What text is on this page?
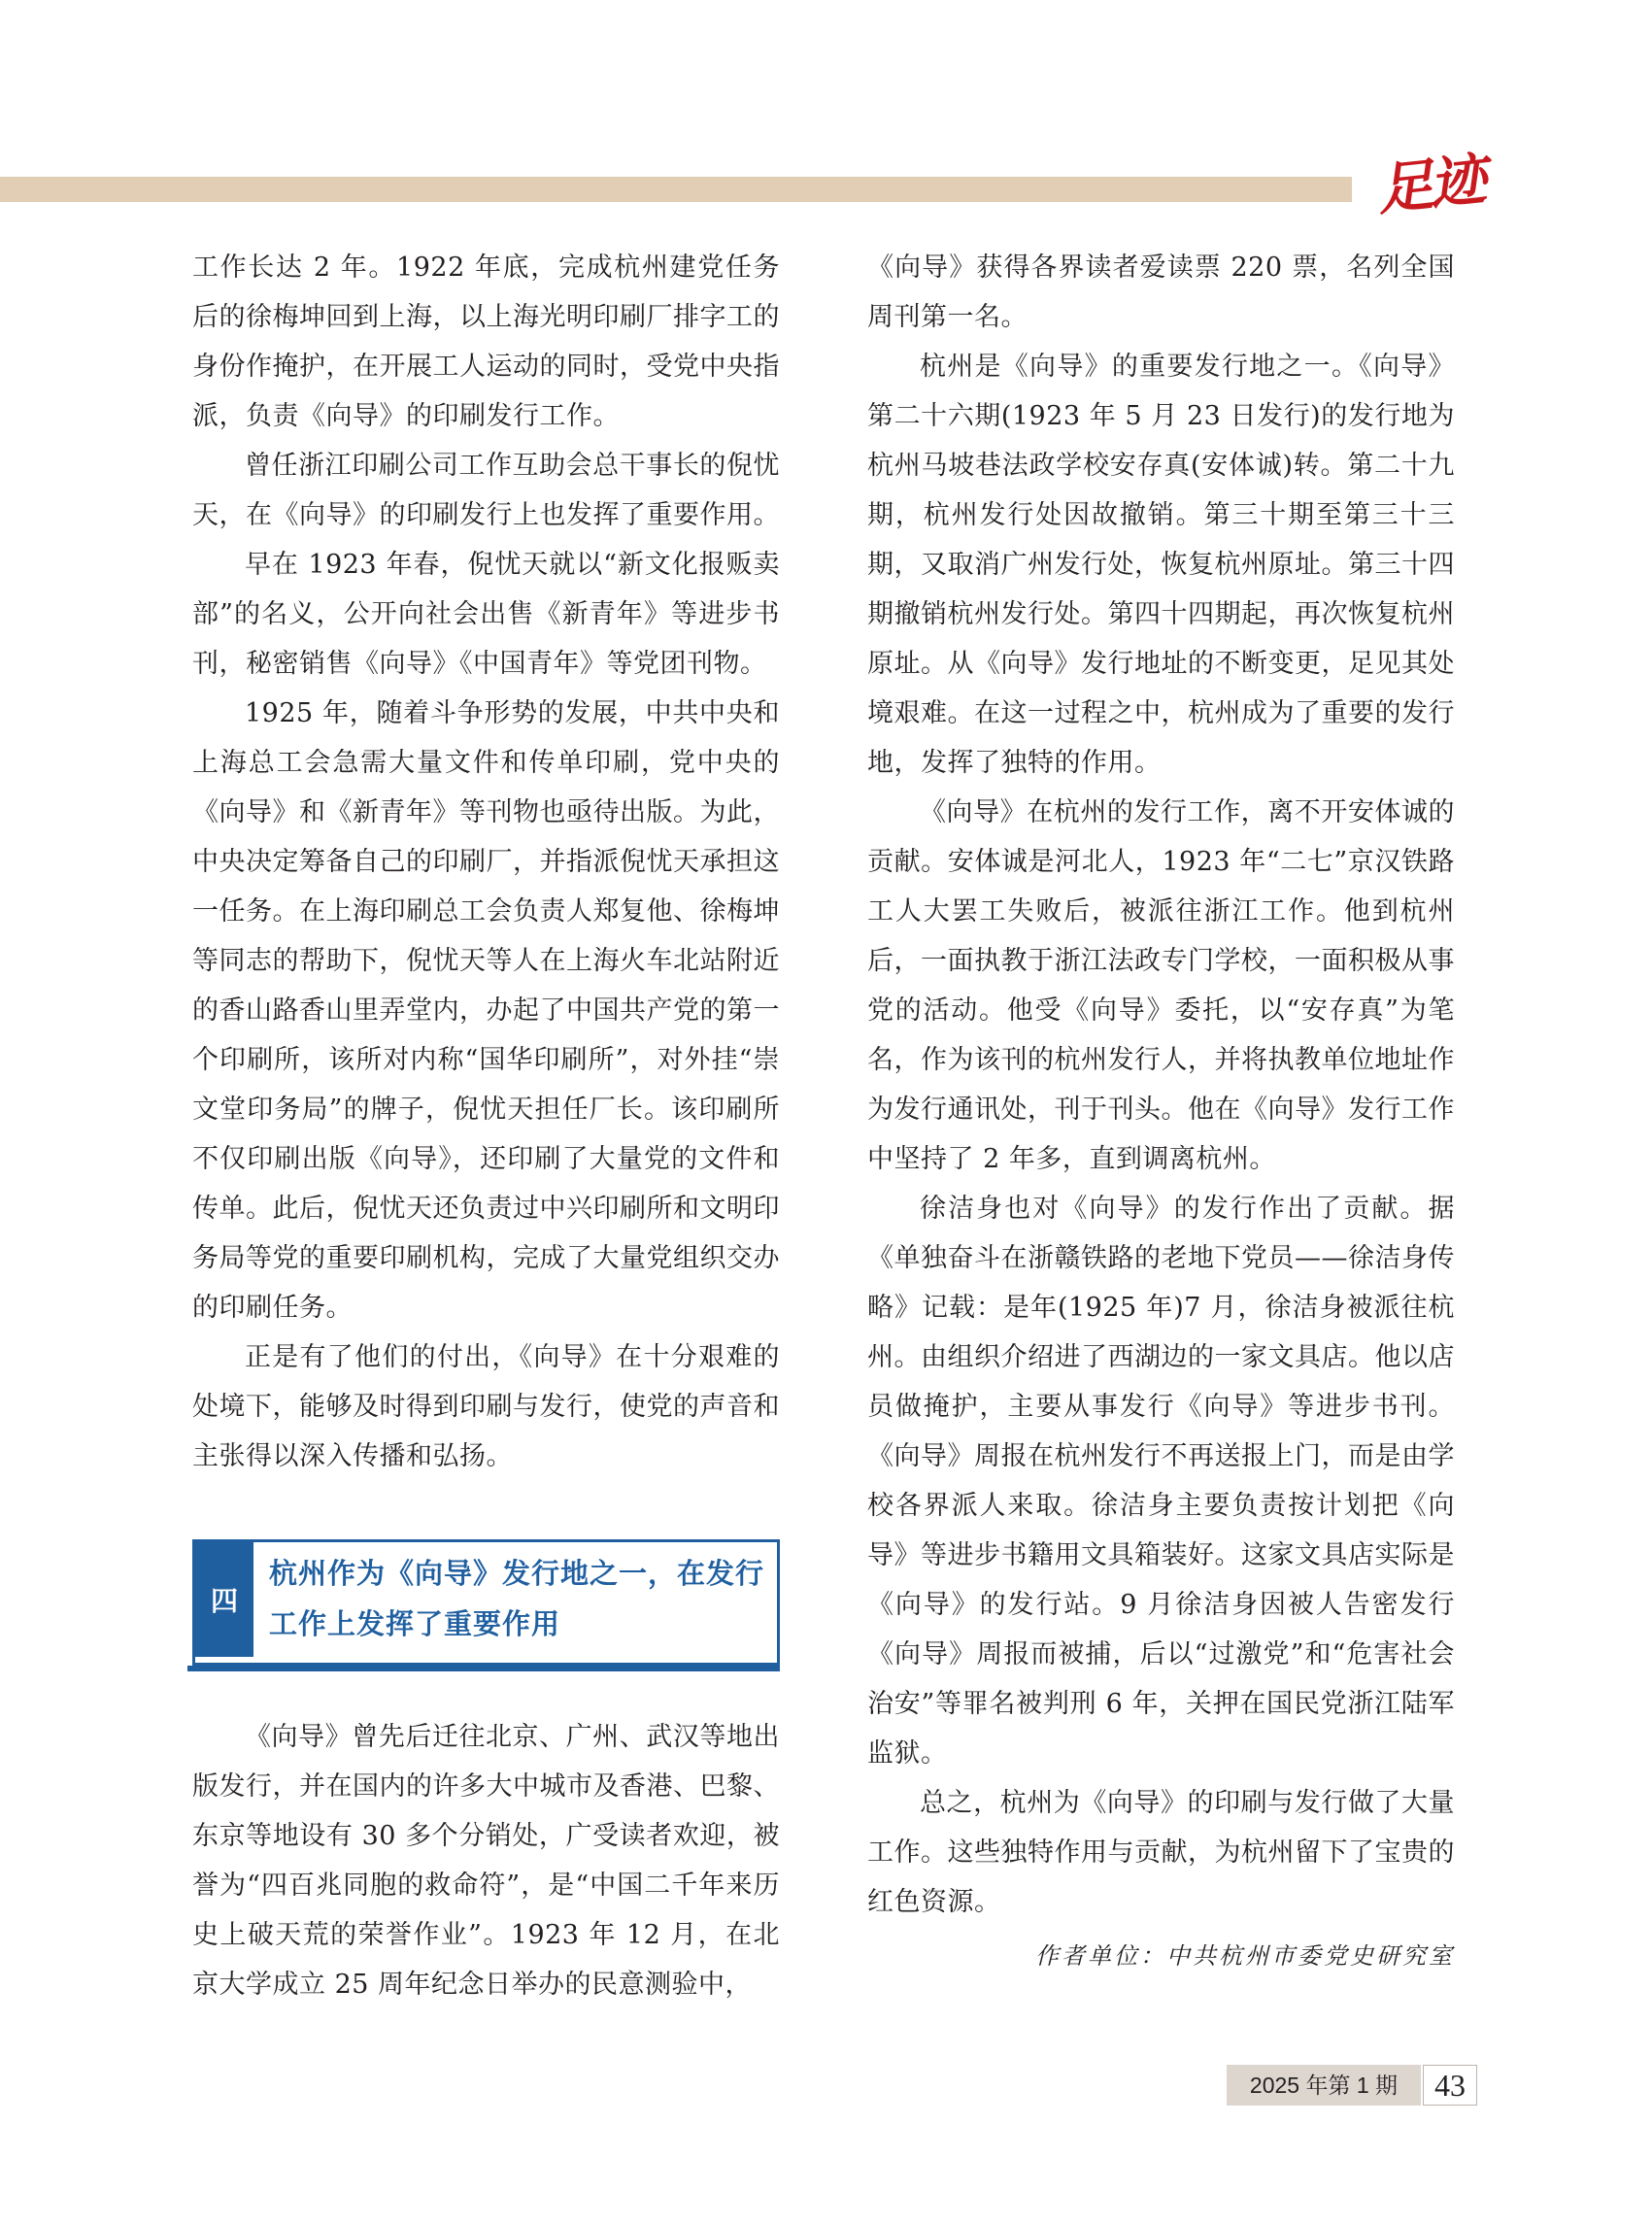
足迹

工作长达 2 年。1922 年底，完成杭州建党任务后的徐梅坤回到上海，以上海光明印刷厂排字工的身份作掩护，在开展工人运动的同时，受党中央指派，负责《向导》的印刷发行工作。

曾任浙江印刷公司工作互助会总干事长的倪忧天，在《向导》的印刷发行上也发挥了重要作用。

早在 1923 年春，倪忧天就以“新文化报贩卖部”的名义，公开向社会出售《新青年》等进步书刊，秘密销售《向导》《中国青年》等党团刊物。

1925 年，随着斗争形势的发展，中共中央和上海总工会急需大量文件和传单印刷，党中央的《向导》和《新青年》等刊物也亟待出版。为此，中央决定筹备自己的印刷厂，并指派倪忧天承担这一任务。在上海印刷总工会负责人郑复他、徐梅坤等同志的帮助下，倪忧天等人在上海火车北站附近的香山路香山里弄堂内，办起了中国共产党的第一个印刷所，该所对内称“国华印刷所”，对外挂“崇文堂印务局”的牌子，倪忧天担任厂长。该印刷所不仅印刷出版《向导》，还印刷了大量党的文件和传单。此后，倪忧天还负责过中兴印刷所和文明印务局等党的重要印刷机构，完成了大量党组织交办的印刷任务。

正是有了他们的付出，《向导》在十分艰难的处境下，能够及时得到印刷与发行，使党的声音和主张得以深入传播和弘扬。

四
杭州作为《向导》发行地之一，在发行工作上发挥了重要作用

《向导》曾先后迁往北京、广州、武汉等地出版发行，并在国内的许多大中城市及香港、巴黎、东京等地设有 30 多个分销处，广受读者欢迎，被誉为“四百兆同胞的救命符”，是“中国二千年来历史上破天荒的荣誉作业”。1923 年 12 月，在北京大学成立 25 周年纪念日举办的民意测验中，

《向导》获得各界读者爱读票 220 票，名列全国周刊第一名。

杭州是《向导》的重要发行地之一。《向导》第二十六期(1923 年 5 月 23 日发行)的发行地为杭州马坡巷法政学校安存真(安体诚)转。第二十九期，杭州发行处因故撤销。第三十期至第三十三期，又取消广州发行处，恢复杭州原址。第三十四期撤销杭州发行处。第四十四期起，再次恢复杭州原址。从《向导》发行地址的不断变更，足见其处境艰难。在这一过程之中，杭州成为了重要的发行地，发挥了独特的作用。

《向导》在杭州的发行工作，离不开安体诚的贡献。安体诚是河北人，1923 年“二七”京汉铁路工人大罢工失败后，被派往浙江工作。他到杭州后，一面执教于浙江法政专门学校，一面积极从事党的活动。他受《向导》委托，以“安存真”为笔名，作为该刊的杭州发行人，并将执教单位地址作为发行通讯处，刊于刊头。他在《向导》发行工作中坚持了 2 年多，直到调离杭州。

徐洁身也对《向导》的发行作出了贡献。据《单独奋斗在浙赣铁路的老地下党员——徐洁身传略》记载：是年(1925 年)7 月，徐洁身被派往杭州。由组织介绍进了西湖边的一家文具店。他以店员做掩护，主要从事发行《向导》等进步书刊。《向导》周报在杭州发行不再送报上门，而是由学校各界派人来取。徐洁身主要负责按计划把《向导》等进步书籍用文具箱装好。这家文具店实际是《向导》的发行站。9 月徐洁身因被人告密发行《向导》周报而被捕，后以“过激党”和“危害社会治安”等罪名被判刑 6 年，关押在国民党浙江陆军监狱。

总之，杭州为《向导》的印刷与发行做了大量工作。这些独特作用与贡献，为杭州留下了宝贵的红色资源。

作者单位：中共杭州市委党史研究室

2025 年第 1 期	43
